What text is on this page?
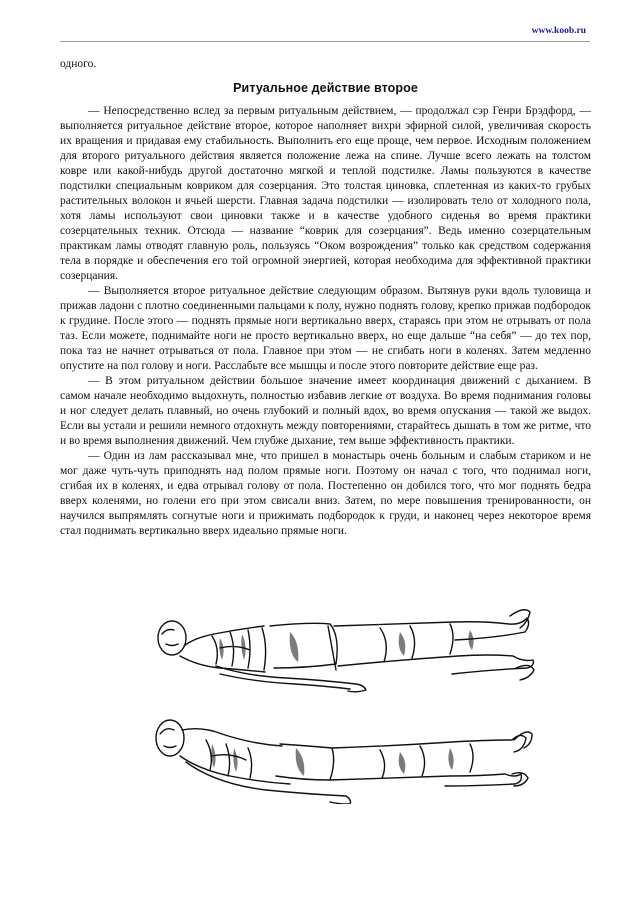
www.koob.ru

одного.

Ритуальное действие второе

— Непосредственно вслед за первым ритуальным действием, — продолжал сэр Генри Брэдфорд, — выполняется ритуальное действие второе, которое наполняет вихри эфирной силой, увеличивая скорость их вращения и придавая ему стабильность. Выполнить его еще проще, чем первое. Исходным положением для второго ритуального действия является положение лежа на спине. Лучше всего лежать на толстом ковре или какой-нибудь другой достаточно мягкой и теплой подстилке. Ламы пользуются в качестве подстилки специальным ковриком для созерцания. Это толстая циновка, сплетенная из каких-то грубых растительных волокон и ячьей шерсти. Главная задача подстилки — изолировать тело от холодного пола, хотя ламы используют свои циновки также и в качестве удобного сиденья во время практики созерцательных техник. Отсюда — название “коврик для созерцания”. Ведь именно созерцательным практикам ламы отводят главную роль, пользуясь “Оком возрождения” только как средством содержания тела в порядке и обеспечения его той огромной энергией, которая необходима для эффективной практики созерцания.

— Выполняется второе ритуальное действие следующим образом. Вытянув руки вдоль туловища и прижав ладони с плотно соединенными пальцами к полу, нужно поднять голову, крепко прижав подбородок к грудине. После этого — поднять прямые ноги вертикально вверх, стараясь при этом не отрывать от пола таз. Если можете, поднимайте ноги не просто вертикально вверх, но еще дальше “на себя” — до тех пор, пока таз не начнет отрываться от пола. Главное при этом — не сгибать ноги в коленях. Затем медленно опустите на пол голову и ноги. Расслабьте все мышцы и после этого повторите действие еще раз.

— В этом ритуальном действии большое значение имеет координация движений с дыханием. В самом начале необходимо выдохнуть, полностью избавив легкие от воздуха. Во время поднимания головы и ног следует делать плавный, но очень глубокий и полный вдох, во время опускания — такой же выдох. Если вы устали и решили немного отдохнуть между повторениями, старайтесь дышать в том же ритме, что и во время выполнения движений. Чем глубже дыхание, тем выше эффективность практики.

— Один из лам рассказывал мне, что пришел в монастырь очень больным и слабым стариком и не мог даже чуть-чуть приподнять над полом прямые ноги. Поэтому он начал с того, что поднимал ноги, сгибая их в коленях, и едва отрывал голову от пола. Постепенно он добился того, что мог поднять бедра вверх коленями, но голени его при этом свисали вниз. Затем, по мере повышения тренированности, он научился выпрямлять согнутые ноги и прижимать подбородок к груди, и наконец через некоторое время стал поднимать вертикально вверх идеально прямые ноги.
